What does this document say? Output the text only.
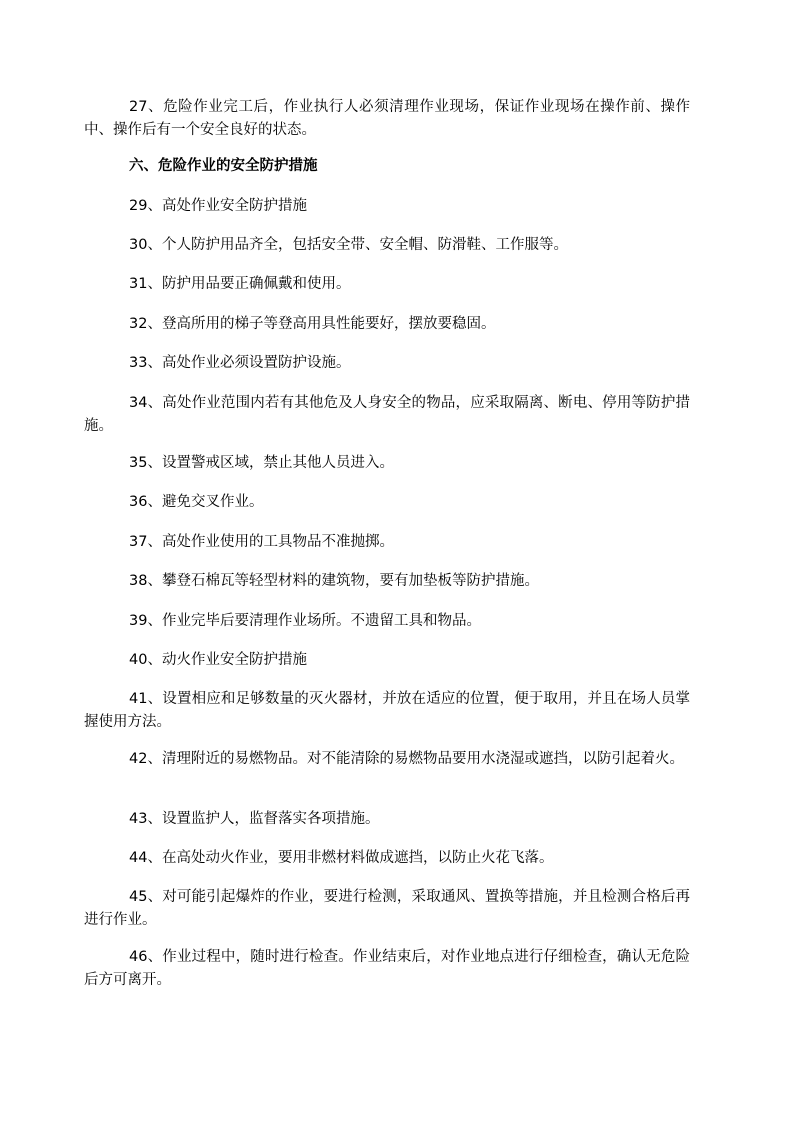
27、危险作业完工后，作业执行人必须清理作业现场，保证作业现场在操作前、操作中、操作后有一个安全良好的状态。

六、危险作业的安全防护措施

29、高处作业安全防护措施

30、个人防护用品齐全，包括安全带、安全帽、防滑鞋、工作服等。

31、防护用品要正确佩戴和使用。

32、登高所用的梯子等登高用具性能要好，摆放要稳固。

33、高处作业必须设置防护设施。

34、高处作业范围内若有其他危及人身安全的物品，应采取隔离、断电、停用等防护措施。

35、设置警戒区域，禁止其他人员进入。

36、避免交叉作业。

37、高处作业使用的工具物品不准抛掷。

38、攀登石棉瓦等轻型材料的建筑物，要有加垫板等防护措施。

39、作业完毕后要清理作业场所。不遗留工具和物品。

40、动火作业安全防护措施

41、设置相应和足够数量的灭火器材，并放在适应的位置，便于取用，并且在场人员掌握使用方法。

42、清理附近的易燃物品。对不能清除的易燃物品要用水浇湿或遮挡，以防引起着火。

43、设置监护人，监督落实各项措施。

44、在高处动火作业，要用非燃材料做成遮挡，以防止火花飞落。

45、对可能引起爆炸的作业，要进行检测，采取通风、置换等措施，并且检测合格后再进行作业。

46、作业过程中，随时进行检查。作业结束后，对作业地点进行仔细检查，确认无危险后方可离开。
